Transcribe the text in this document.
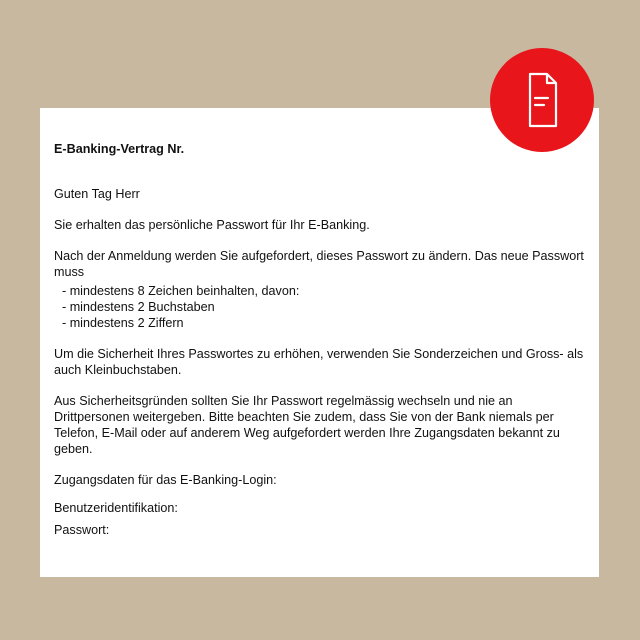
E-Banking-Vertrag Nr.
Guten Tag Herr
Sie erhalten das persönliche Passwort für Ihr E-Banking.
Nach der Anmeldung werden Sie aufgefordert, dieses Passwort zu ändern. Das neue Passwort muss
- mindestens 8 Zeichen beinhalten, davon:
- mindestens 2 Buchstaben
- mindestens 2 Ziffern
Um die Sicherheit Ihres Passwortes zu erhöhen, verwenden Sie Sonderzeichen und Gross- als auch Kleinbuchstaben.
Aus Sicherheitsgründen sollten Sie Ihr Passwort regelmässig wechseln und nie an Drittpersonen weitergeben. Bitte beachten Sie zudem, dass Sie von der Bank niemals per Telefon, E-Mail oder auf anderem Weg aufgefordert werden Ihre Zugangsdaten bekannt zu geben.
Zugangsdaten für das E-Banking-Login:
Benutzeridentifikation:
Passwort:
